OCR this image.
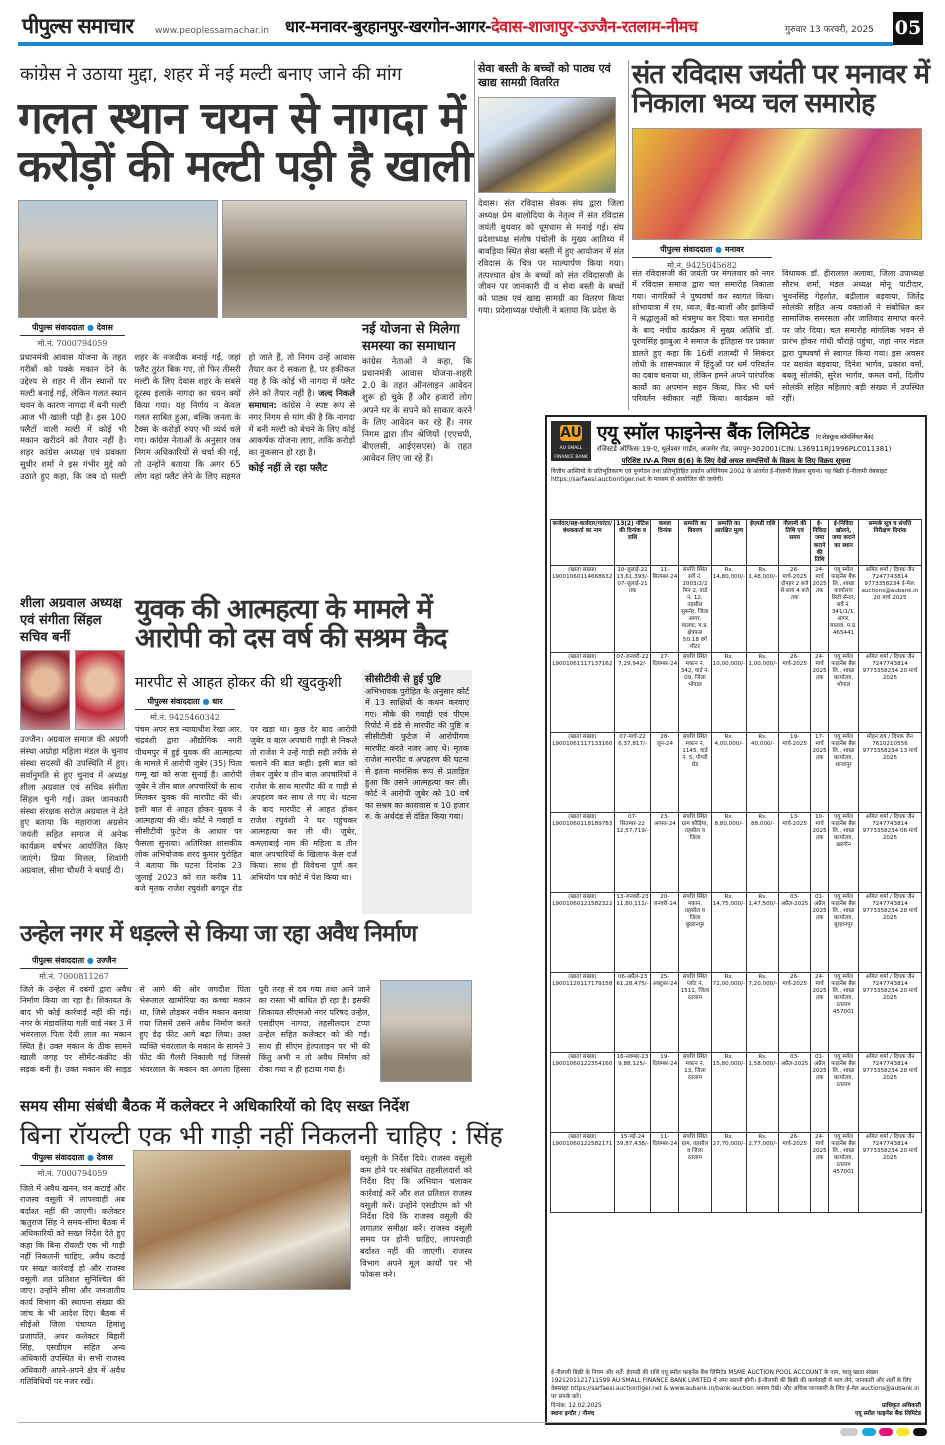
पीपुल्स समाचार www.peoplessamachar.in धार-मनावर-बुरहानपुर-खरगोन-आगर-देवास-शाजापुर-उज्जैन-रतलाम-नीमच	गुरुवार 13 फरवरी, 2025 05
कांग्रेस ने उठाया मुद्दा, शहर में नई मल्टी बनाए जाने की मांग
गलत स्थान चयन से नागदा में करोड़ों की मल्टी पड़ी है खाली
पीपुल्स संवाददाता ● देवास
मो.नं. 7000794059
प्रधानमंत्री आवास योजना के तहत गरीबों को पक्के मकान देने के उद्देश्य से शहर में तीन स्थानों पर मल्टी बनाई गई, लेकिन गलत स्थान चयन के कारण नागदा में बनी मल्टी आज भी खाली पड़ी है। इस 100 फ्लैटों वाली मल्टी में कोई भी मकान खरीदने को तैयार नहीं है। शहर कांग्रेस अध्यक्ष एवं प्रवक्ता सुधीर शर्मा ने इस गंभीर मुद्दे को उठाते हुए कहा, कि जब दो मल्टी शहर के नजदीक बनाई गईं, जहां फ्लैट तुरंत बिक गए, तो फिर तीसरी मल्टी के लिए देवास शहर के सबसे दूरस्थ इलाके नागदा का चयन क्यों किया गया। यह निर्णय न केवल गलत साबित हुआ, बल्कि जनता के टैक्स के करोड़ों रुपए भी व्यर्थ चले गए। कांग्रेस नेताओं के अनुसार जब निगम अधिकारियों से चर्चा की गई, तो उन्होंने बताया कि अगर 65 लोग वहां फ्लैट लेने के लिए सहमत हो जाते हैं, तो निगम उन्हें आवास तैयार कर दे सकता है, पर हकीकत यह है कि कोई भी नागदा में फ्लैट लेने को तैयार नहीं है। जल्द निकले समाधान: कांग्रेस ने स्पष्ट रूप से नगर निगम से मांग की है कि नागदा में बनी मल्टी को बेचने के लिए कोई आकर्षक योजना लाए, ताकि करोड़ों का नुकसान हो रहा है।
कोई नहीं ले रहा फ्लैट
नई योजना से मिलेगा समस्या का समाधान
कांग्रेस नेताओं ने कहा, कि प्रधानमंत्री आवास योजना-शहरी 2.0 के तहत ऑनलाइन आवेदन शुरू हो चुके हैं और हजारों लोग अपने घर के सपने को साकार करने के लिए आवेदन कर रहे हैं। नगर निगम द्वारा तीन श्रेणियों (एएचपी, बीएलसी, आईएसएस) के तहत आवेदन लिए जा रहे हैं।
सेवा बस्ती के बच्चों को पाठ्य एवं खाद्य सामग्री वितरित
देवास। संत रविदास सेवक संघ द्वारा जिला अध्यक्ष प्रेम बालोदिया के नेतृत्व में संत रविदास जयंती बुधवार को धूमधाम से मनाई गई। संघ प्रदेशाध्यक्ष संतोष पंचोली के मुख्य आतिथ्य में बावड़िया स्थित सेवा बस्ती में हुए आयोजन में संत रविदास के चित्र पर माल्यार्पण किया गया। तत्पश्चात क्षेत्र के बच्चों को संत रविदासजी के जीवन पर जानकारी दी व सेवा बस्ती के बच्चों को पाठ्य एवं खाद्य सामग्री का वितरण किया गया। प्रदेशाध्यक्ष पंचोली ने बताया कि प्रदेश के
संत रविदास जयंती पर मनावर में निकाला भव्य चल समारोह
पीपुल्स संवाददाता ● मनावर
मो.नं. 9425045682
संत रविदासजी की जयंती पर मंगलवार को नगर में रविदास समाज द्वारा चल समारोह निकाला गया। नागरिकों ने पुष्पवर्षा कर स्वागत किया। शोभायात्रा में रथ, ध्वज, बैंड-बाजों और झांकियों ने श्रद्धालुओं को मंत्रमुग्ध कर दिया। चल समारोह के बाद मंचीय कार्यक्रम में मुख्य अतिथि डॉ. पूरणसिंह झाबुआ ने समाज के इतिहास पर प्रकाश डालते हुए कहा कि 16वीं शताब्दी में सिकंदर लोधी के शासनकाल में हिंदुओं पर धर्म परिवर्तन का दबाव बनाया था, लेकिन हमने अपने पारंपरिक कार्यों का अपमान सहन किया, फिर भी धर्म परिवर्तन स्वीकार नहीं किया। कार्यक्रम को विधायक डॉ. हीरालाल अलावा, जिला उपाध्यक्ष सौरभ शर्मा, मंडल अध्यक्ष मोनू पाटीदार, भुवनसिंह गेहलोत, बद्रीलाल बड़वाया, जितेंद्र सोलंकी सहित अन्य वक्ताओं ने संबोधित कर सामाजिक समरसता और जातिवाद समाप्त करने पर जोर दिया। चल समारोह मांगलिक भवन से प्रारंभ होकर गांधी चौराहे पहुंचा, जहां नगर मंडल द्वारा पुष्पवर्षा से स्वागत किया गया। इस अवसर पर यशवंत बड़वाया, दिनेश भार्गव, प्रकाश वर्मा, बबलू सोलंकी, सुरेश भार्गव, कमल वर्मा, दिलीप सोलंकी सहित महिलाएं बड़ी संख्या में उपस्थित रहीं।
शीला अग्रवाल अध्यक्ष एवं संगीता सिंहल सचिव बनीं
उज्जैन। अग्रवाल समाज की अग्रणी संस्था अग्रोहा महिला मंडल के चुनाव संस्था सदस्यों की उपस्थिति में हुए। सर्वानुमति से हुए चुनाव में अध्यक्ष शीला अग्रवाल एवं सचिव संगीता सिंहल चुनी गईं। उक्त जानकारी संस्था संरक्षक सरोज अग्रवाल ने देते हुए बताया कि महाराजा अग्रसेन जयंती सहित समाज में अनेक कार्यक्रम वर्षभर आयोजित किए जाएंगे। प्रिया मित्तल, शिवांगी अग्रवाल, सीमा चौधरी ने बधाई दी।
युवक की आत्महत्या के मामले में आरोपी को दस वर्ष की सश्रम कैद
मारपीट से आहत होकर की थी खुदकुशी
पीपुल्स संवाददाता ● धार
मो.नं. 9425460342
पंचम अपर सत्र न्यायाधीश रेखा आर. चंद्रवंशी द्वारा औद्योगिक नगरी पीथमपुर में हुई युवक की आत्महत्या के मामले में आरोपी जुबेर (35) पिता गम्मू खां को सजा सुनाई है। आरोपी जुबेर ने तीन बाल अपचारियों के साथ मिलकर युवक की मारपीट की थी। इसी बात से आहत होकर युवक ने आत्महत्या की थी। कोर्ट ने गवाहों व सीसीटीवी फुटेज के आधार पर फैसला सुनाया। अतिरिक्त शासकीय लोक अभियोजक शरद कुमार पुरोहित ने बताया कि घटना दिनांक 23 जुलाई 2023 को रात करीब 11 बजे मृतक राजेश रघुवंशी बगदून रोड पर खड़ा था। कुछ देर बाद आरोपी जुबेर व बाल अपचारी गाड़ी से निकले तो राजेश ने उन्हें गाड़ी सही तरीके से चलाने की बात कही। इसी बात को लेकर जुबेर व तीन बाल अपचारियों ने राजेश के साथ मारपीट की व गाड़ी से अपहरण कर साथ ले गए थे। घटना के बाद मारपीट से आहत होकर राजेश रघुवंशी ने घर पहुंचकर आत्महत्या कर ली थी। जुबेर, कमलाबाई नाम की महिला व तीन बाल अपचारियों के खिलाफ केस दर्ज किया। साथ ही विवेचना पूर्ण कर अभियोग पत्र कोर्ट में पेश किया था।
सीसीटीवी से हुई पुष्टि
अभिभावक पुरोहित के अनुसार कोर्ट में 13 साक्षियों के कथन करवाए गए। मौके की गवाही एवं पीएम रिपोर्ट में डंडे से मारपीट की पुष्टि व सीसीटीवी फुटेज में आरोपीगण मारपीट करते नजर आए थे। मृतक राजेश मारपीट व अपहरण की घटना से इतना मानसिक रूप से प्रताड़ित हुआ कि उसने आत्महत्या कर ली। कोर्ट ने आरोपी जुबेर को 10 वर्ष का सश्रम का कारावास व 10 हजार रु. के अर्थदंड से दंडित किया गया।
उन्हेल नगर में धड़ल्ले से किया जा रहा अवैध निर्माण
पीपुल्स संवाददाता ● उज्जैन
मो.नं. 7000811267
जिले के उन्हेल में दबंगों द्वारा अवैध निर्माण किया जा रहा है। शिकायत के बाद भी कोई कार्रवाई नहीं की गई। नगर के मंडावलिया गली वार्ड नंबर 3 में भंवरलाल पिता देवी लाल का मकान स्थित है। उक्त मकान के ठीक सामने खाली जगह पर सीमेंट-कंक्रीट की सड़क बनी है। उक्त मकान की साइड से आगे की ओर जगदीश पिता भेरूलाल खामोरिया का कच्चा मकान था, जिसे तोड़कर नवीन मकान बनाया गया जिसमें उसने अवैध निर्माण करते हुए डेढ़ फीट आगे बढ़ा लिया। उक्त व्यक्ति भंवरलाल के मकान के सामने 3 फीट की गैलरी निकाली गई जिससे भंवरलाल के मकान का अगला हिस्सा पूरी तरह से दब गया तथा आने जाने का रास्ता भी बाधित हो रहा है। इसकी शिकायत सीएमओ नगर परिषद उन्हेल, एसडीएम नागदा, तहसीलदार टप्पा उन्हेल सहित कलेक्टर को की गई। साथ ही सीएम हेल्पलाइन पर भी की किंतु अभी न तो अवैध निर्माण को रोका गया न ही हटाया गया है।
समय सीमा संबंधी बैठक में कलेक्टर ने अधिकारियों को दिए सख्त निर्देश
बिना रॉयल्टी एक भी गाड़ी नहीं निकलनी चाहिए : सिंह
पीपुल्स संवाददाता ● देवास
मो.नं. 7000794059
जिले में अवैध खनन, वन कटाई और राजस्व वसूली में लापरवाही अब बर्दाश्त नहीं की जाएगी। कलेक्टर ऋतुराज सिंह ने समय-सीमा बैठक में अधिकारियों को सख्त निर्देश देते हुए कहा कि बिना रॉयल्टी एक भी गाड़ी नहीं निकलनी चाहिए, अवैध कटाई पर सख्त कार्रवाई हो और राजस्व वसूली शत प्रतिशत सुनिश्चित की जाए। उन्होंने सीमा और जनजातीय कार्य विभाग की स्थापना संख्या की जांच के भी आदेश दिए। बैठक में सीईओ जिला पंचायत हिमांशु प्रजापति, अपर कलेक्टर बिहारी सिंह, एसडीएम सहित अन्य अधिकारी उपस्थित थे। सभी राजस्व अधिकारी अपने-अपने क्षेत्र में अवैध गतिविधियों पर नजर रखें।
वसूली के निर्देश दिये। राजस्व वसूली कम होने पर संबंधित तहसीलदारों को निर्देश दिए कि अभियान चलाकर कार्रवाई करें और शत प्रतिशत राजस्व वसूली करें। उन्होंने एसडीएम को भी निर्देश दिये कि राजस्व वसूली की लगातार समीक्षा करें। राजस्व वसूली समय पर होनी चाहिए, लापरवाही बर्दाश्त नहीं की जाएगी। राजस्व विभाग अपने मूल कार्यों पर भी फोकस करे।
AU
AU SMALL FINANCE BANK
एयू स्मॉल फाइनेन्स बैंक लिमिटेड (ए शेड्यूल्ड कॉमर्शियल बैंक)
रजिस्टर्ड ऑफिसः 19-ए, धूलेश्वर गार्डन, अजमेर रोड, जयपुर-302001(CIN: L36911RJ1996PLC011381)
परिशिष्ट IV-A नियम 8(6) के लिए देखें अचल सम्पत्तियों के विक्रय के लिए विक्रय सूचना
वित्तीय आस्तियों के प्रतिभूतिकरण एवं पुनर्गठन तथा प्रतिभूतिहित प्रवर्तन अधिनियम 2002 के अंतर्गत ई-नीलामी विक्रय सूचना। यह बिक्री ई-नीलामी वेबसाइट https://sarfaesi.auctiontiger.net के माध्यम से आयोजित की जायेगी।
कर्जदार/सह-कर्जदार/गारंटर/बंधककर्ता का नाम	13(2) नोटिस की दिनांक व राशि	कब्जा दिनांक	सम्पत्ति का विवरण	सम्पत्ति का आरक्षित मूल्य	ईएमडी राशि	नीलामी की तिथि एवं समय	ई-निविदा जमा कराने की तिथि	ई-निविदा खोलने, जमा कराने का स्थान	सम्पर्क सूत्र व संपत्ति निरीक्षण दिनांक
(खाता संख्या) L9001060114668632	10-जुलाई-22 13,61,393/- 07-जुलाई-21 तक	11-सितम्बर-24	संपत्ति स्थित सर्वे नं. 2003/2/2 मिन 2, वार्ड नं. 12, तहसील सुसनेर, जिला आगर, मालवा, म.प्र. क्षेत्रफल 50.18 वर्ग मीटर	Rs. 14,80,000/-	Rs. 1,48,000/-	26-मार्च-2025 दोपहर 2 बजे से सायं 4 बजे तक	24-मार्च 2025 तक	एयू स्मॉल फाइनेंस बैंक लि., शाखा कार्यालयः सिटी सेन्टर, सर्वे नं. 341/1/1, आगर, मालवा, म.प्र. 465441	अमित शर्मा / दिपक जैन 7247743814 9773358234 ई-मेल: auctions@aubank.in 20 मार्च 2025
(खाता संख्या) L9001061117137162	07-जनवरी-22 7,29,942/-	27-दिसम्बर-24	संपत्ति स्थित मकान नं. 342, वार्ड नं. 09, जिला भोपाल	Rs. 10,00,000/-	Rs. 1,00,000/-	26-मार्च-2025	24-मार्च 2025 तक	एयू स्मॉल फाइनेंस बैंक लि., शाखा कार्यालय, भोपाल	अमित शर्मा / दिपक जैन 7247743814 9773358234 20 मार्च 2025
(खाता संख्या) L9001061117133160	07-मार्च-22 6,37,817/-	28-जून-24	संपत्ति स्थित मकान नं. 1145, वार्ड नं. 5, पीपरी रोड	Rs. 4,00,000/-	Rs. 40,000/-	19-मार्च-2025	17-मार्च 2025 तक	एयू स्मॉल फाइनेंस बैंक लि., शाखा कार्यालय, शाजापुर	मोहन राव / दिपक जैन 7610210556 9773358234 13 मार्च 2025
(खाता संख्या) L9001060118189783	07-सितम्बर-22 12,57,719/-	23-अगस्त-24	संपत्ति स्थित ग्राम कौड़िया, तहसील व जिला	Rs. 8,80,000/-	Rs. 88,000/-	13-मार्च-2025	10-मार्च 2025 तक	एयू स्मॉल फाइनेंस बैंक लि., शाखा कार्यालय, खरगोन	अमित शर्मा / दिपक जैन 7247743814 9773358234 06 मार्च 2025
(खाता संख्या) L9001060121582322	13-जनवरी-23 11,80,111/-	20-जनवरी-24	संपत्ति स्थित मकान, तहसील व जिला बुरहानपुर	Rs. 14,75,000/-	Rs. 1,47,500/-	03-अप्रैल-2025	01-अप्रैल 2025 तक	एयू स्मॉल फाइनेंस बैंक लि., शाखा कार्यालय, बुरहानपुर	अमित शर्मा / दिपक जैन 7247743814 9773358234 28 मार्च 2025
(खाता संख्या) L9001120117179158	06-अप्रैल-23 61,28,475/-	25-अक्टूबर-24	संपत्ति स्थित प्लॉट नं. 1511, जिला रतलाम	Rs. 72,00,000/-	Rs. 7,20,000/-	26-मार्च-2025	24-मार्च 2025 तक	एयू स्मॉल फाइनेंस बैंक लि., शाखा कार्यालय, रतलाम 457001	अमित शर्मा / दिपक जैन 7247743814 9773358234 20 मार्च 2025
(खाता संख्या) L9001060122354160	16-नवम्बर-23 9,88,125/-	19-दिसम्बर-24	संपत्ति स्थित मकान नं. 13, जिला रतलाम	Rs. 15,80,000/-	Rs. 1,58,000/-	03-अप्रैल-2025	01-अप्रैल 2025 तक	एयू स्मॉल फाइनेंस बैंक लि., शाखा कार्यालय, रतलाम	अमित शर्मा / दिपक जैन 7247743814 9773358234 28 मार्च 2025
(खाता संख्या) L9001060122582171	15-मई-24 39,87,438/-	11-दिसम्बर-24	संपत्ति स्थित ग्राम, तहसील व जिला रतलाम	Rs. 27,70,000/-	Rs. 2,77,000/-	26-मार्च-2025	24-मार्च 2025 तक	एयू स्मॉल फाइनेंस बैंक लि., शाखा कार्यालय, रतलाम 457001	अमित शर्मा / दिपक जैन 7247743814 9773358234 20 मार्च 2025
ई-नीलामी बिक्री के नियम और शर्तें: ईएमडी की राशि एयू स्मॉल फाइनेंस बैंक लिमिटेड MSME AUCTION POOL ACCOUNT के नाम, चालू खाता संख्या 1921201121711599 AU SMALL FINANCE BANK LIMITED में जमा करानी होगी। ई-नीलामी की बिक्री की कार्यवाही में भाग लेने, जानकारी और शर्तों के लिए वेबसाइट https://sarfaesi.auctiontiger.net & www.aubank.in/bank-auction अवश्य देखें। और अधिक जानकारी के लिए ई-मेल auctions@aubank.in पर संपर्क करें।
दिनांक: 12.02.2025
स्थानः इन्दौर / नीमच
प्राधिकृत अधिकारी
एयू स्मॉल फाइनेंस बैंक लिमिटेड
